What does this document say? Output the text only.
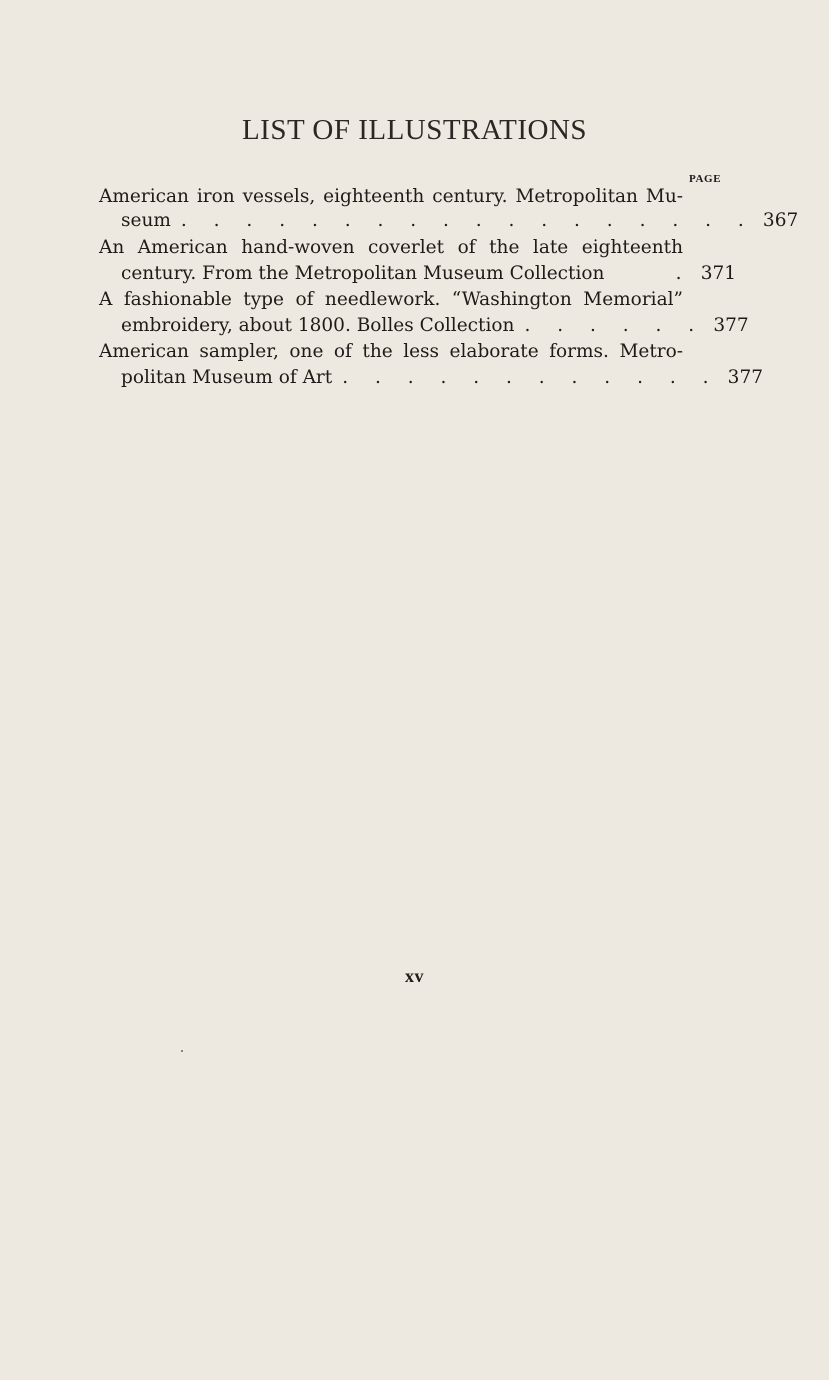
LIST OF ILLUSTRATIONS
PAGE
American iron vessels, eighteenth century. Metropolitan Mu-
seum . . . . . . . . . . . . . . . . . . 367
An American hand-woven coverlet of the late eighteenth
century. From the Metropolitan Museum Collection	. 371
A fashionable type of needlework. “Washington Memorial”
embroidery, about 1800. Bolles Collection . . . . . . 377
American sampler, one of the less elaborate forms. Metro-
politan Museum of Art . . . . . . . . . . . . 377
xv
